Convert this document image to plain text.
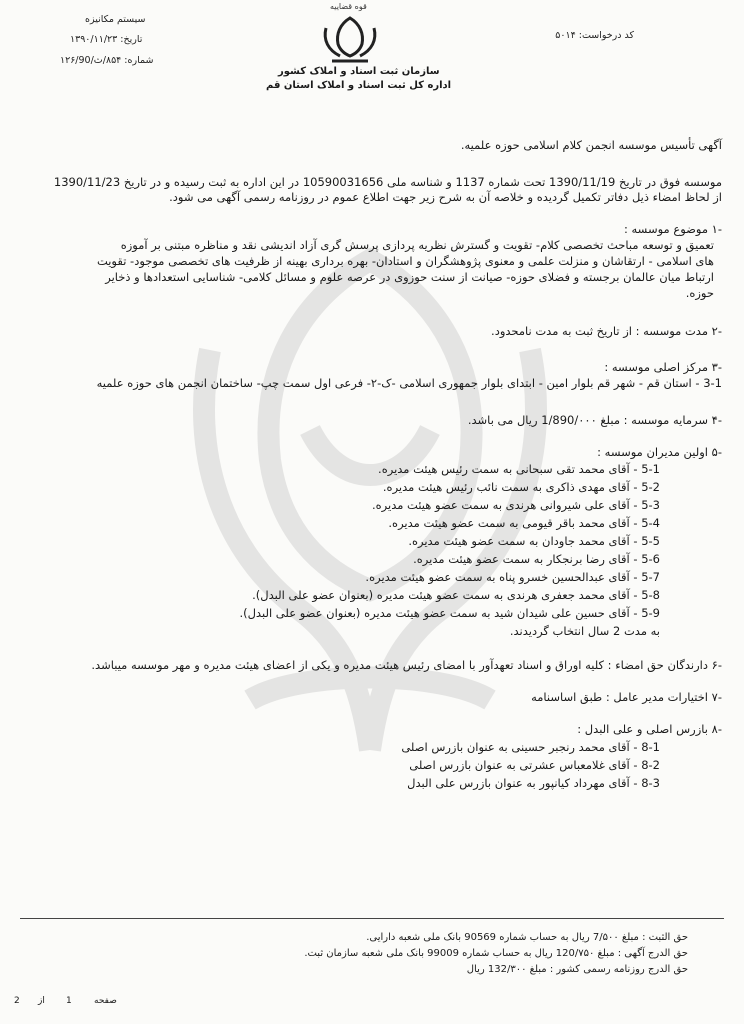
قوه قضاییه
سازمان ثبت اسناد و املاک کشور
اداره کل ثبت اسناد و املاک استان قم
سیستم مکانیزه
تاریخ: ۱۳۹۰/۱۱/۲۳
شماره: ۸۵۴/ث/۱۲۶/90
کد درخواست: ۵۰۱۴
آگهی تأسیس موسسه انجمن کلام اسلامی حوزه علمیه.
موسسه فوق در تاریخ 1390/11/19 تحت شماره 1137 و شناسه ملی 10590031656 در این اداره به ثبت رسیده و در تاریخ 1390/11/23
از لحاظ امضاء ذیل دفاتر تکمیل گردیده و خلاصه آن به شرح زیر جهت اطلاع عموم در روزنامه رسمی آگهی می شود.
-۱ موضوع موسسه :
تعمیق و توسعه مباحث تخصصی کلام- تقویت و گسترش نظریه پردازی پرسش گری آزاد اندیشی نقد و مناظره مبتنی بر آموزه
های اسلامی - ارتقاشان و منزلت علمی و معنوی پژوهشگران و استادان- بهره برداری بهینه از ظرفیت های تخصصی موجود- تقویت
ارتباط میان عالمان برجسته و فضلای حوزه- صیانت از سنت حوزوی در عرصه علوم و مسائل کلامی- شناسایی استعدادها و ذخایر
حوزه.
-۲ مدت موسسه : از تاریخ ثبت به مدت نامحدود.
-۳ مرکز اصلی موسسه :
3-1 - استان قم - شهر قم بلوار امین - ابتدای بلوار جمهوری اسلامی -ک-۲- فرعی اول سمت چپ- ساختمان انجمن های حوزه علمیه
-۴ سرمایه موسسه : مبلغ 1/890/۰۰۰ ریال می باشد.
-۵ اولین مدیران موسسه :
5-1 - آقای محمد تقی سبحانی به سمت رئیس هیئت مدیره.
5-2 - آقای مهدی ذاکری به سمت نائب رئیس هیئت مدیره.
5-3 - آقای علی شیروانی هرندی به سمت عضو هیئت مدیره.
5-4 - آقای محمد باقر قیومی به سمت عضو هیئت مدیره.
5-5 - آقای محمد جاودان به سمت عضو هیئت مدیره.
5-6 - آقای رضا برنجکار به سمت عضو هیئت مدیره.
5-7 - آقای عبدالحسین خسرو پناه به سمت عضو هیئت مدیره.
5-8 - آقای محمد جعفری هرندی به سمت عضو هیئت مدیره (بعنوان عضو علی البدل).
5-9 - آقای حسین علی شیدان شید به سمت عضو هیئت مدیره (بعنوان عضو علی البدل).
به مدت 2 سال انتخاب گردیدند.
-۶ دارندگان حق امضاء : کلیه اوراق و اسناد تعهدآور با امضای رئیس هیئت مدیره و یکی از اعضای هیئت مدیره و مهر موسسه میباشد.
-۷ اختیارات مدیر عامل : طبق اساسنامه
-۸ بازرس اصلی و علی البدل :
8-1 - آقای محمد رنجبر حسینی به عنوان بازرس اصلی
8-2 - آقای غلامعباس عشرتی به عنوان بازرس اصلی
8-3 - آقای مهرداد کیانپور به عنوان بازرس علی البدل
حق الثبت : مبلغ 7/۵۰۰ ریال به حساب شماره 90569 بانک ملی شعبه دارایی.
حق الدرج آگهی : مبلغ 120/۷۵۰ ریال به حساب شماره 99009 بانک ملی شعبه سازمان ثبت.
حق الدرج روزنامه رسمی کشور : مبلغ 132/۳۰۰ ریال
صفحه
1
از
2
